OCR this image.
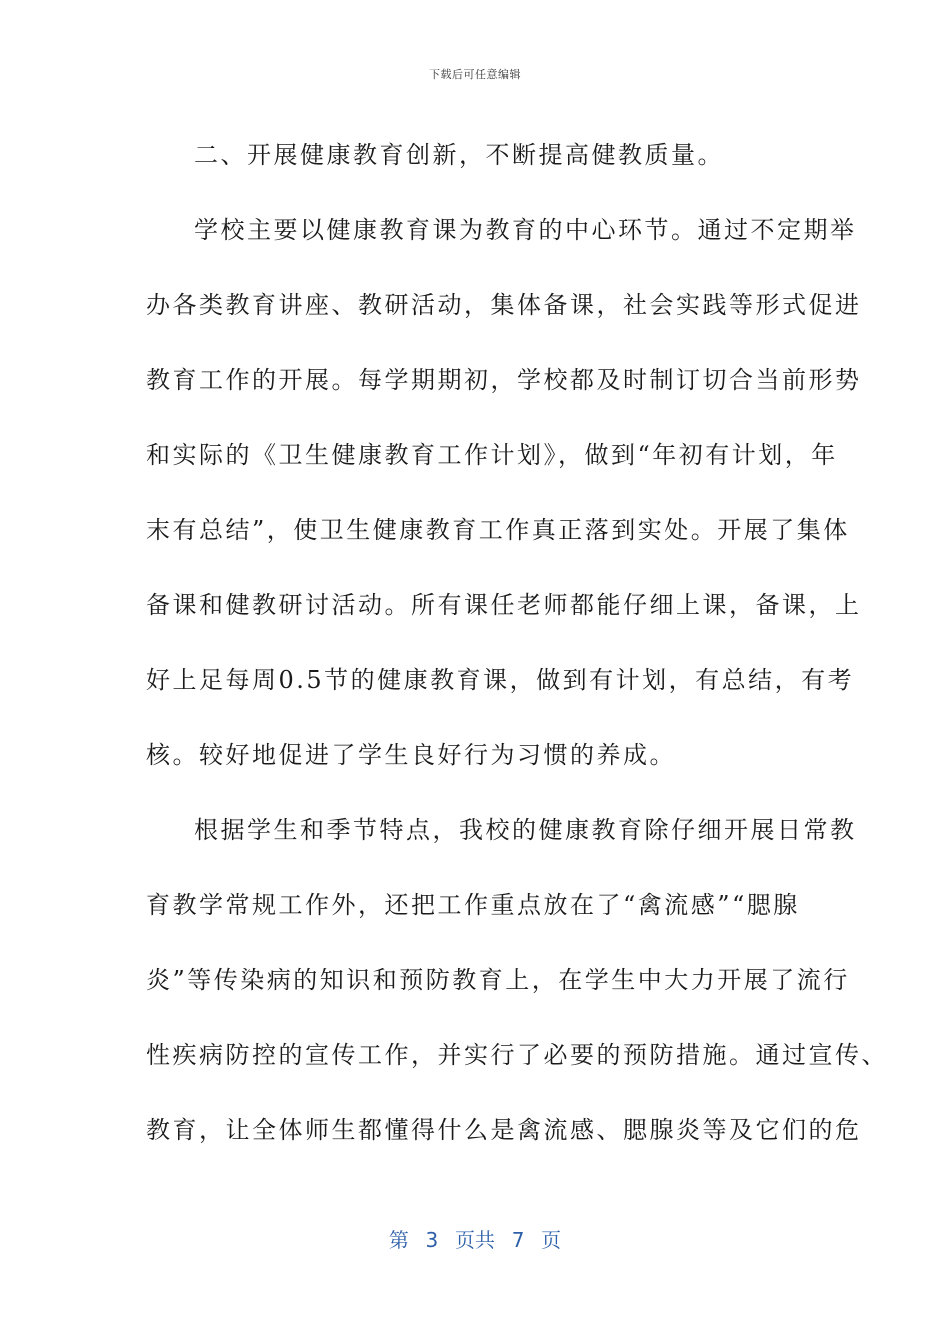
下载后可任意编辑
二、开展健康教育创新，不断提高健教质量。
学校主要以健康教育课为教育的中心环节。通过不定期举
办各类教育讲座、教研活动，集体备课，社会实践等形式促进
教育工作的开展。每学期期初，学校都及时制订切合当前形势
和实际的《卫生健康教育工作计划》，做到“年初有计划，年
末有总结”，使卫生健康教育工作真正落到实处。开展了集体
备课和健教研讨活动。所有课任老师都能仔细上课，备课，上
好上足每周0.5节的健康教育课，做到有计划，有总结，有考
核。较好地促进了学生良好行为习惯的养成。
根据学生和季节特点，我校的健康教育除仔细开展日常教
育教学常规工作外，还把工作重点放在了“禽流感”“腮腺
炎”等传染病的知识和预防教育上，在学生中大力开展了流行
性疾病防控的宣传工作，并实行了必要的预防措施。通过宣传、
教育，让全体师生都懂得什么是禽流感、腮腺炎等及它们的危
第  3  页共  7  页
